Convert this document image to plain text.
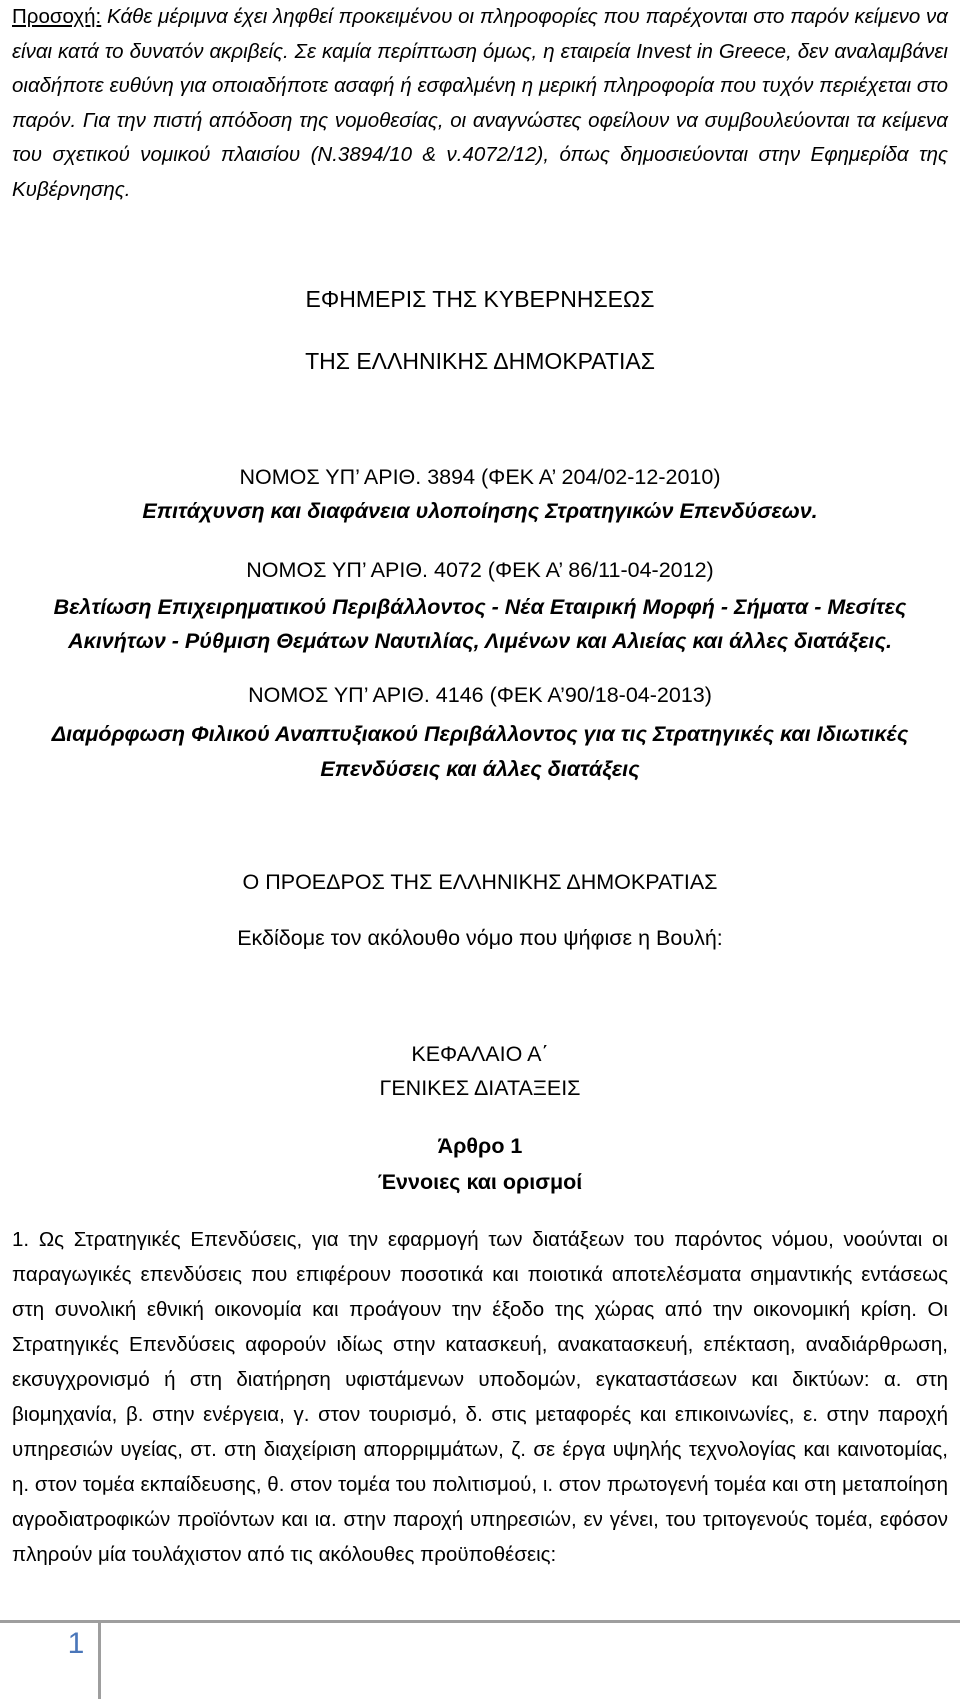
Προσοχή: Κάθε μέριμνα έχει ληφθεί προκειμένου οι πληροφορίες που παρέχονται στο παρόν κείμενο να είναι κατά το δυνατόν ακριβείς. Σε καμία περίπτωση όμως, η εταιρεία Invest in Greece, δεν αναλαμβάνει οιαδήποτε ευθύνη για οποιαδήποτε ασαφή ή εσφαλμένη η μερική πληροφορία που τυχόν περιέχεται στο παρόν. Για την πιστή απόδοση της νομοθεσίας, οι αναγνώστες οφείλουν να συμβουλεύονται τα κείμενα του σχετικού νομικού πλαισίου (Ν.3894/10 & ν.4072/12), όπως δημοσιεύονται στην Εφημερίδα της Κυβέρνησης.
ΕΦΗΜΕΡΙΣ ΤΗΣ ΚΥΒΕΡΝΗΣΕΩΣ
ΤΗΣ ΕΛΛΗΝΙΚΗΣ ΔΗΜΟΚΡΑΤΙΑΣ
ΝΟΜΟΣ ΥΠ’ ΑΡΙΘ. 3894 (ΦΕΚ Α’ 204/02-12-2010)
Επιτάχυνση και διαφάνεια υλοποίησης Στρατηγικών Επενδύσεων.
ΝΟΜΟΣ ΥΠ’ ΑΡΙΘ. 4072 (ΦΕΚ Α’ 86/11-04-2012)
Βελτίωση Επιχειρηματικού Περιβάλλοντος - Νέα Εταιρική Μορφή - Σήματα - Μεσίτες
Ακινήτων - Ρύθμιση Θεμάτων Ναυτιλίας, Λιμένων και Αλιείας και άλλες διατάξεις.
ΝΟΜΟΣ ΥΠ’ ΑΡΙΘ. 4146 (ΦΕΚ Α’90/18-04-2013)
Διαμόρφωση Φιλικού Αναπτυξιακού Περιβάλλοντος για τις Στρατηγικές και Ιδιωτικές
Επενδύσεις και άλλες διατάξεις
Ο ΠΡΟΕΔΡΟΣ ΤΗΣ ΕΛΛΗΝΙΚΗΣ ΔΗΜΟΚΡΑΤΙΑΣ
Εκδίδομε τον ακόλουθο νόμο που ψήφισε η Βουλή:
ΚΕΦΑΛΑΙΟ Α΄
ΓΕΝΙΚΕΣ ΔΙΑΤΑΞΕΙΣ
Άρθρο 1
Έννοιες και ορισμοί
1. Ως Στρατηγικές Επενδύσεις, για την εφαρμογή των διατάξεων του παρόντος νόμου, νοούνται οι παραγωγικές επενδύσεις που επιφέρουν ποσοτικά και ποιοτικά αποτελέσματα σημαντικής εντάσεως στη συνολική εθνική οικονομία και προάγουν την έξοδο της χώρας από την οικονομική κρίση. Οι Στρατηγικές Επενδύσεις αφορούν ιδίως στην κατασκευή, ανακατασκευή, επέκταση, αναδιάρθρωση, εκσυγχρονισμό ή στη διατήρηση υφιστάμενων υποδομών, εγκαταστάσεων και δικτύων: α. στη βιομηχανία, β. στην ενέργεια, γ. στον τουρισμό, δ. στις μεταφορές και επικοινωνίες, ε. στην παροχή υπηρεσιών υγείας, στ. στη διαχείριση απορριμμάτων, ζ. σε έργα υψηλής τεχνολογίας και καινοτομίας, η. στον τομέα εκπαίδευσης, θ. στον τομέα του πολιτισμού, ι. στον πρωτογενή τομέα και στη μεταποίηση αγροδιατροφικών προϊόντων και ια. στην παροχή υπηρεσιών, εν γένει, του τριτογενούς τομέα, εφόσον πληρούν μία τουλάχιστον από τις ακόλουθες προϋποθέσεις:
1
